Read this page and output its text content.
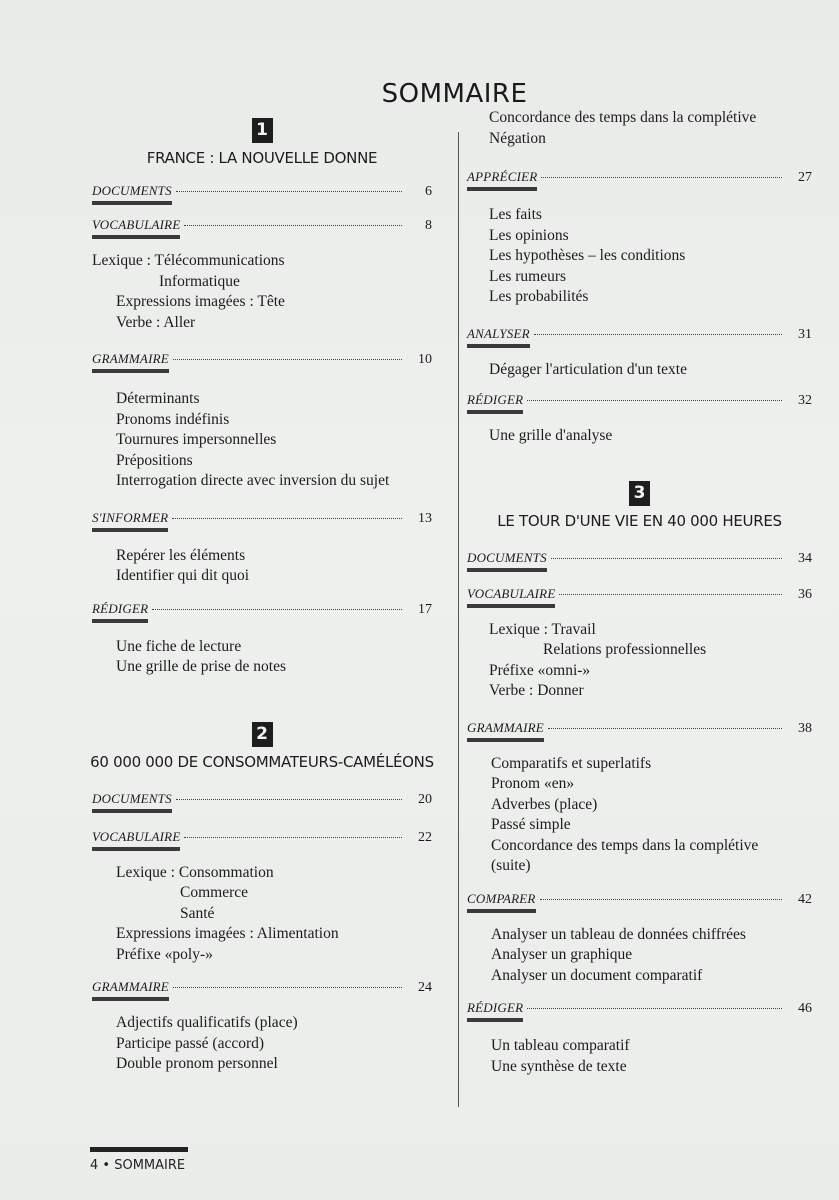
SOMMAIRE
1
FRANCE : LA NOUVELLE DONNE
DOCUMENTS	6
VOCABULAIRE	8
Lexique : Télécommunications
Informatique
Expressions imagées : Tête
Verbe : Aller
GRAMMAIRE	10
Déterminants
Pronoms indéfinis
Tournures impersonnelles
Prépositions
Interrogation directe avec inversion du sujet
S'INFORMER	13
Repérer les éléments
Identifier qui dit quoi
RÉDIGER	17
Une fiche de lecture
Une grille de prise de notes
2
60 000 000 DE CONSOMMATEURS-CAMÉLÉONS
DOCUMENTS	20
VOCABULAIRE	22
Lexique : Consommation
Commerce
Santé
Expressions imagées : Alimentation
Préfixe «poly-»
GRAMMAIRE	24
Adjectifs qualificatifs (place)
Participe passé (accord)
Double pronom personnel
Concordance des temps dans la complétive
Négation
APPRÉCIER	27
Les faits
Les opinions
Les hypothèses – les conditions
Les rumeurs
Les probabilités
ANALYSER	31
Dégager l'articulation d'un texte
RÉDIGER	32
Une grille d'analyse
3
LE TOUR D'UNE VIE EN 40 000 HEURES
DOCUMENTS	34
VOCABULAIRE	36
Lexique : Travail
Relations professionnelles
Préfixe «omni-»
Verbe : Donner
GRAMMAIRE	38
Comparatifs et superlatifs
Pronom «en»
Adverbes (place)
Passé simple
Concordance des temps dans la complétive
(suite)
COMPARER	42
Analyser un tableau de données chiffrées
Analyser un graphique
Analyser un document comparatif
RÉDIGER	46
Un tableau comparatif
Une synthèse de texte
4 • SOMMAIRE
